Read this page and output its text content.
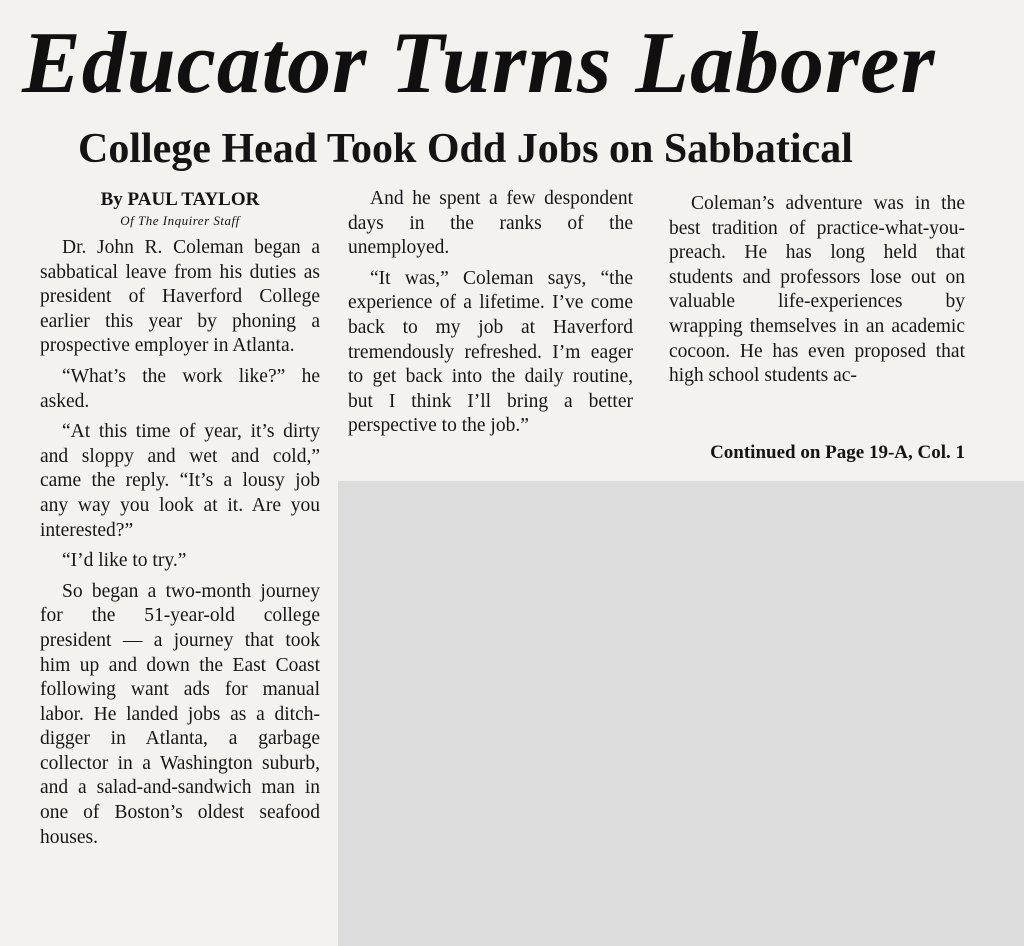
Educator Turns Laborer
College Head Took Odd Jobs on Sabbatical
By PAUL TAYLOR
Of The Inquirer Staff

Dr. John R. Coleman began a sabbatical leave from his duties as president of Haverford College earlier this year by phoning a prospective employer in Atlanta.

“What’s the work like?” he asked.

“At this time of year, it’s dirty and sloppy and wet and cold,” came the reply. “It’s a lousy job any way you look at it. Are you interested?”

“I’d like to try.”

So began a two-month journey for the 51-year-old college president — a journey that took him up and down the East Coast following want ads for manual labor. He landed jobs as a ditch-digger in Atlanta, a garbage collector in a Washington suburb, and a salad-and-sandwich man in one of Boston’s oldest seafood houses.

And he spent a few despondent days in the ranks of the unemployed.

“It was,” Coleman says, “the experience of a lifetime. I’ve come back to my job at Haverford tremendously refreshed. I’m eager to get back into the daily routine, but I think I’ll bring a better perspective to the job.”

Coleman’s adventure was in the best tradition of practice-what-you-preach. He has long held that students and professors lose out on valuable life-experiences by wrapping themselves in an academic cocoon. He has even proposed that high school students ac-

Continued on Page 19-A, Col. 1
